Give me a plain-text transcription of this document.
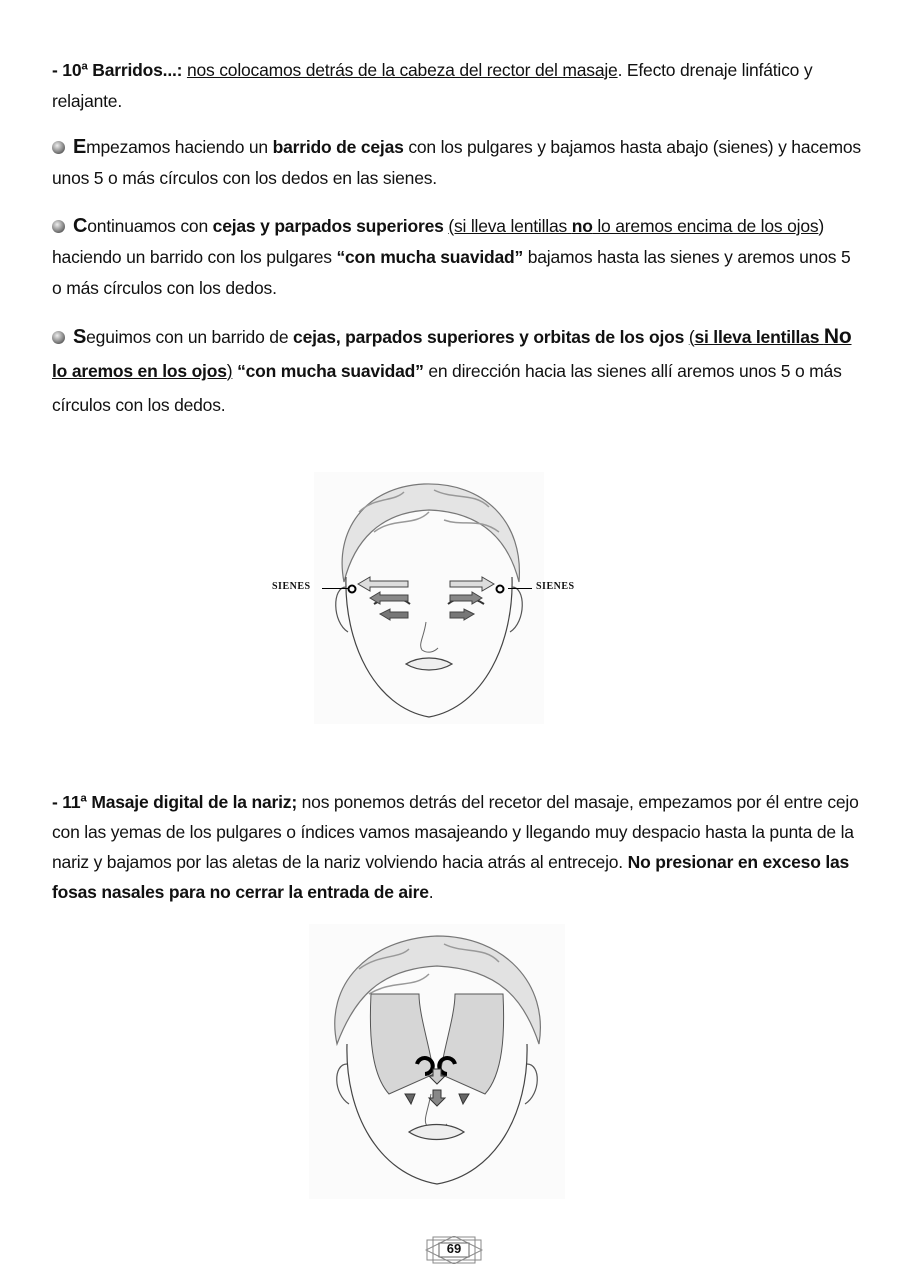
- 10ª Barridos...: nos colocamos detrás de la cabeza del rector del masaje. Efecto drenaje linfático y relajante.
Empezamos haciendo un barrido de cejas con los pulgares y bajamos hasta abajo (sienes) y hacemos unos 5 o más círculos con los dedos en las sienes.
Continuamos con cejas y parpados superiores (si lleva lentillas no lo aremos encima de los ojos) haciendo un barrido con los pulgares “con mucha suavidad” bajamos hasta las sienes y aremos unos 5 o más círculos con los dedos.
Seguimos con un barrido de cejas, parpados superiores y orbitas de los ojos (si lleva lentillas No lo aremos en los ojos) “con mucha suavidad” en dirección hacia las sienes allí aremos unos 5 o más círculos con los dedos.
SIENES	SIENES
- 11ª Masaje digital de la nariz; nos ponemos detrás del recetor del masaje, empezamos por él entre cejo con las yemas de los pulgares o índices vamos masajeando y llegando muy despacio hasta la punta de la nariz y bajamos por las aletas de la nariz volviendo hacia atrás al entrecejo. No presionar en exceso las fosas nasales para no cerrar la entrada de aire.
69
